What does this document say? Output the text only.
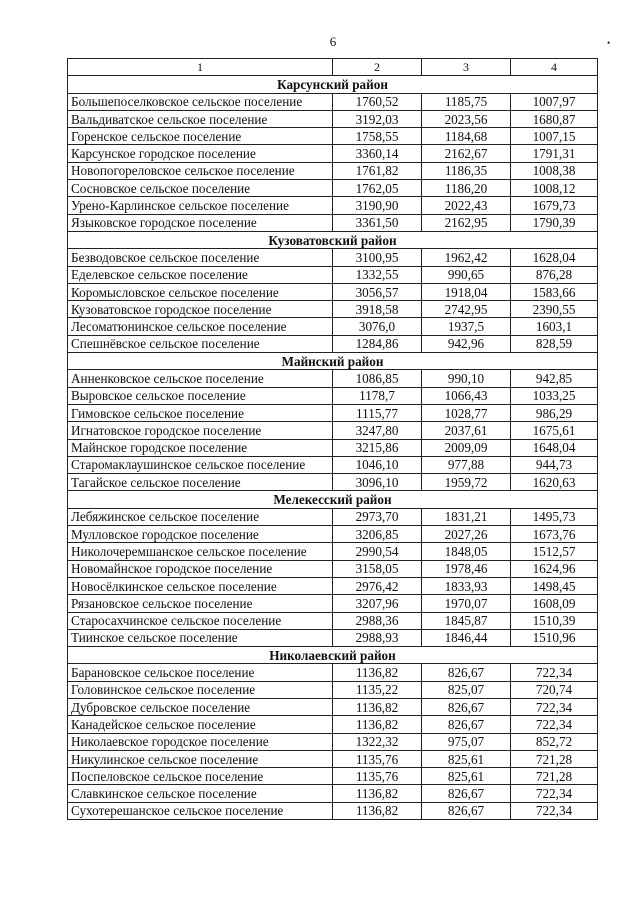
6	•
1	2	3	4
Карсунский район			
Большепоселковское сельское поселение	1760,52	1185,75	1007,97
Вальдиватское сельское поселение	3192,03	2023,56	1680,87
Горенское сельское поселение	1758,55	1184,68	1007,15
Карсунское городское поселение	3360,14	2162,67	1791,31
Новопогореловское сельское поселение	1761,82	1186,35	1008,38
Сосновское сельское поселение	1762,05	1186,20	1008,12
Урено-Карлинское сельское поселение	3190,90	2022,43	1679,73
Языковское городское поселение	3361,50	2162,95	1790,39
Кузоватовский район			
Безводовское сельское поселение	3100,95	1962,42	1628,04
Еделевское сельское поселение	1332,55	990,65	876,28
Коромысловское сельское поселение	3056,57	1918,04	1583,66
Кузоватовское городское поселение	3918,58	2742,95	2390,55
Лесоматюнинское сельское поселение	3076,0	1937,5	1603,1
Спешнёвское сельское поселение	1284,86	942,96	828,59
Майнский район			
Анненковское сельское поселение	1086,85	990,10	942,85
Выровское сельское поселение	1178,7	1066,43	1033,25
Гимовское сельское поселение	1115,77	1028,77	986,29
Игнатовское городское поселение	3247,80	2037,61	1675,61
Майнское городское поселение	3215,86	2009,09	1648,04
Старомаклаушинское сельское поселение	1046,10	977,88	944,73
Тагайское сельское поселение	3096,10	1959,72	1620,63
Мелекесский район			
Лебяжинское сельское поселение	2973,70	1831,21	1495,73
Мулловское городское поселение	3206,85	2027,26	1673,76
Николочеремшанское сельское поселение	2990,54	1848,05	1512,57
Новомайнское городское поселение	3158,05	1978,46	1624,96
Новосёлкинское сельское поселение	2976,42	1833,93	1498,45
Рязановское сельское поселение	3207,96	1970,07	1608,09
Старосахчинское сельское поселение	2988,36	1845,87	1510,39
Тиинское сельское поселение	2988,93	1846,44	1510,96
Николаевский район			
Барановское сельское поселение	1136,82	826,67	722,34
Головинское сельское поселение	1135,22	825,07	720,74
Дубровское сельское поселение	1136,82	826,67	722,34
Канадейское сельское поселение	1136,82	826,67	722,34
Николаевское городское поселение	1322,32	975,07	852,72
Никулинское сельское поселение	1135,76	825,61	721,28
Поспеловское сельское поселение	1135,76	825,61	721,28
Славкинское сельское поселение	1136,82	826,67	722,34
Сухотерешанское сельское поселение	1136,82	826,67	722,34
